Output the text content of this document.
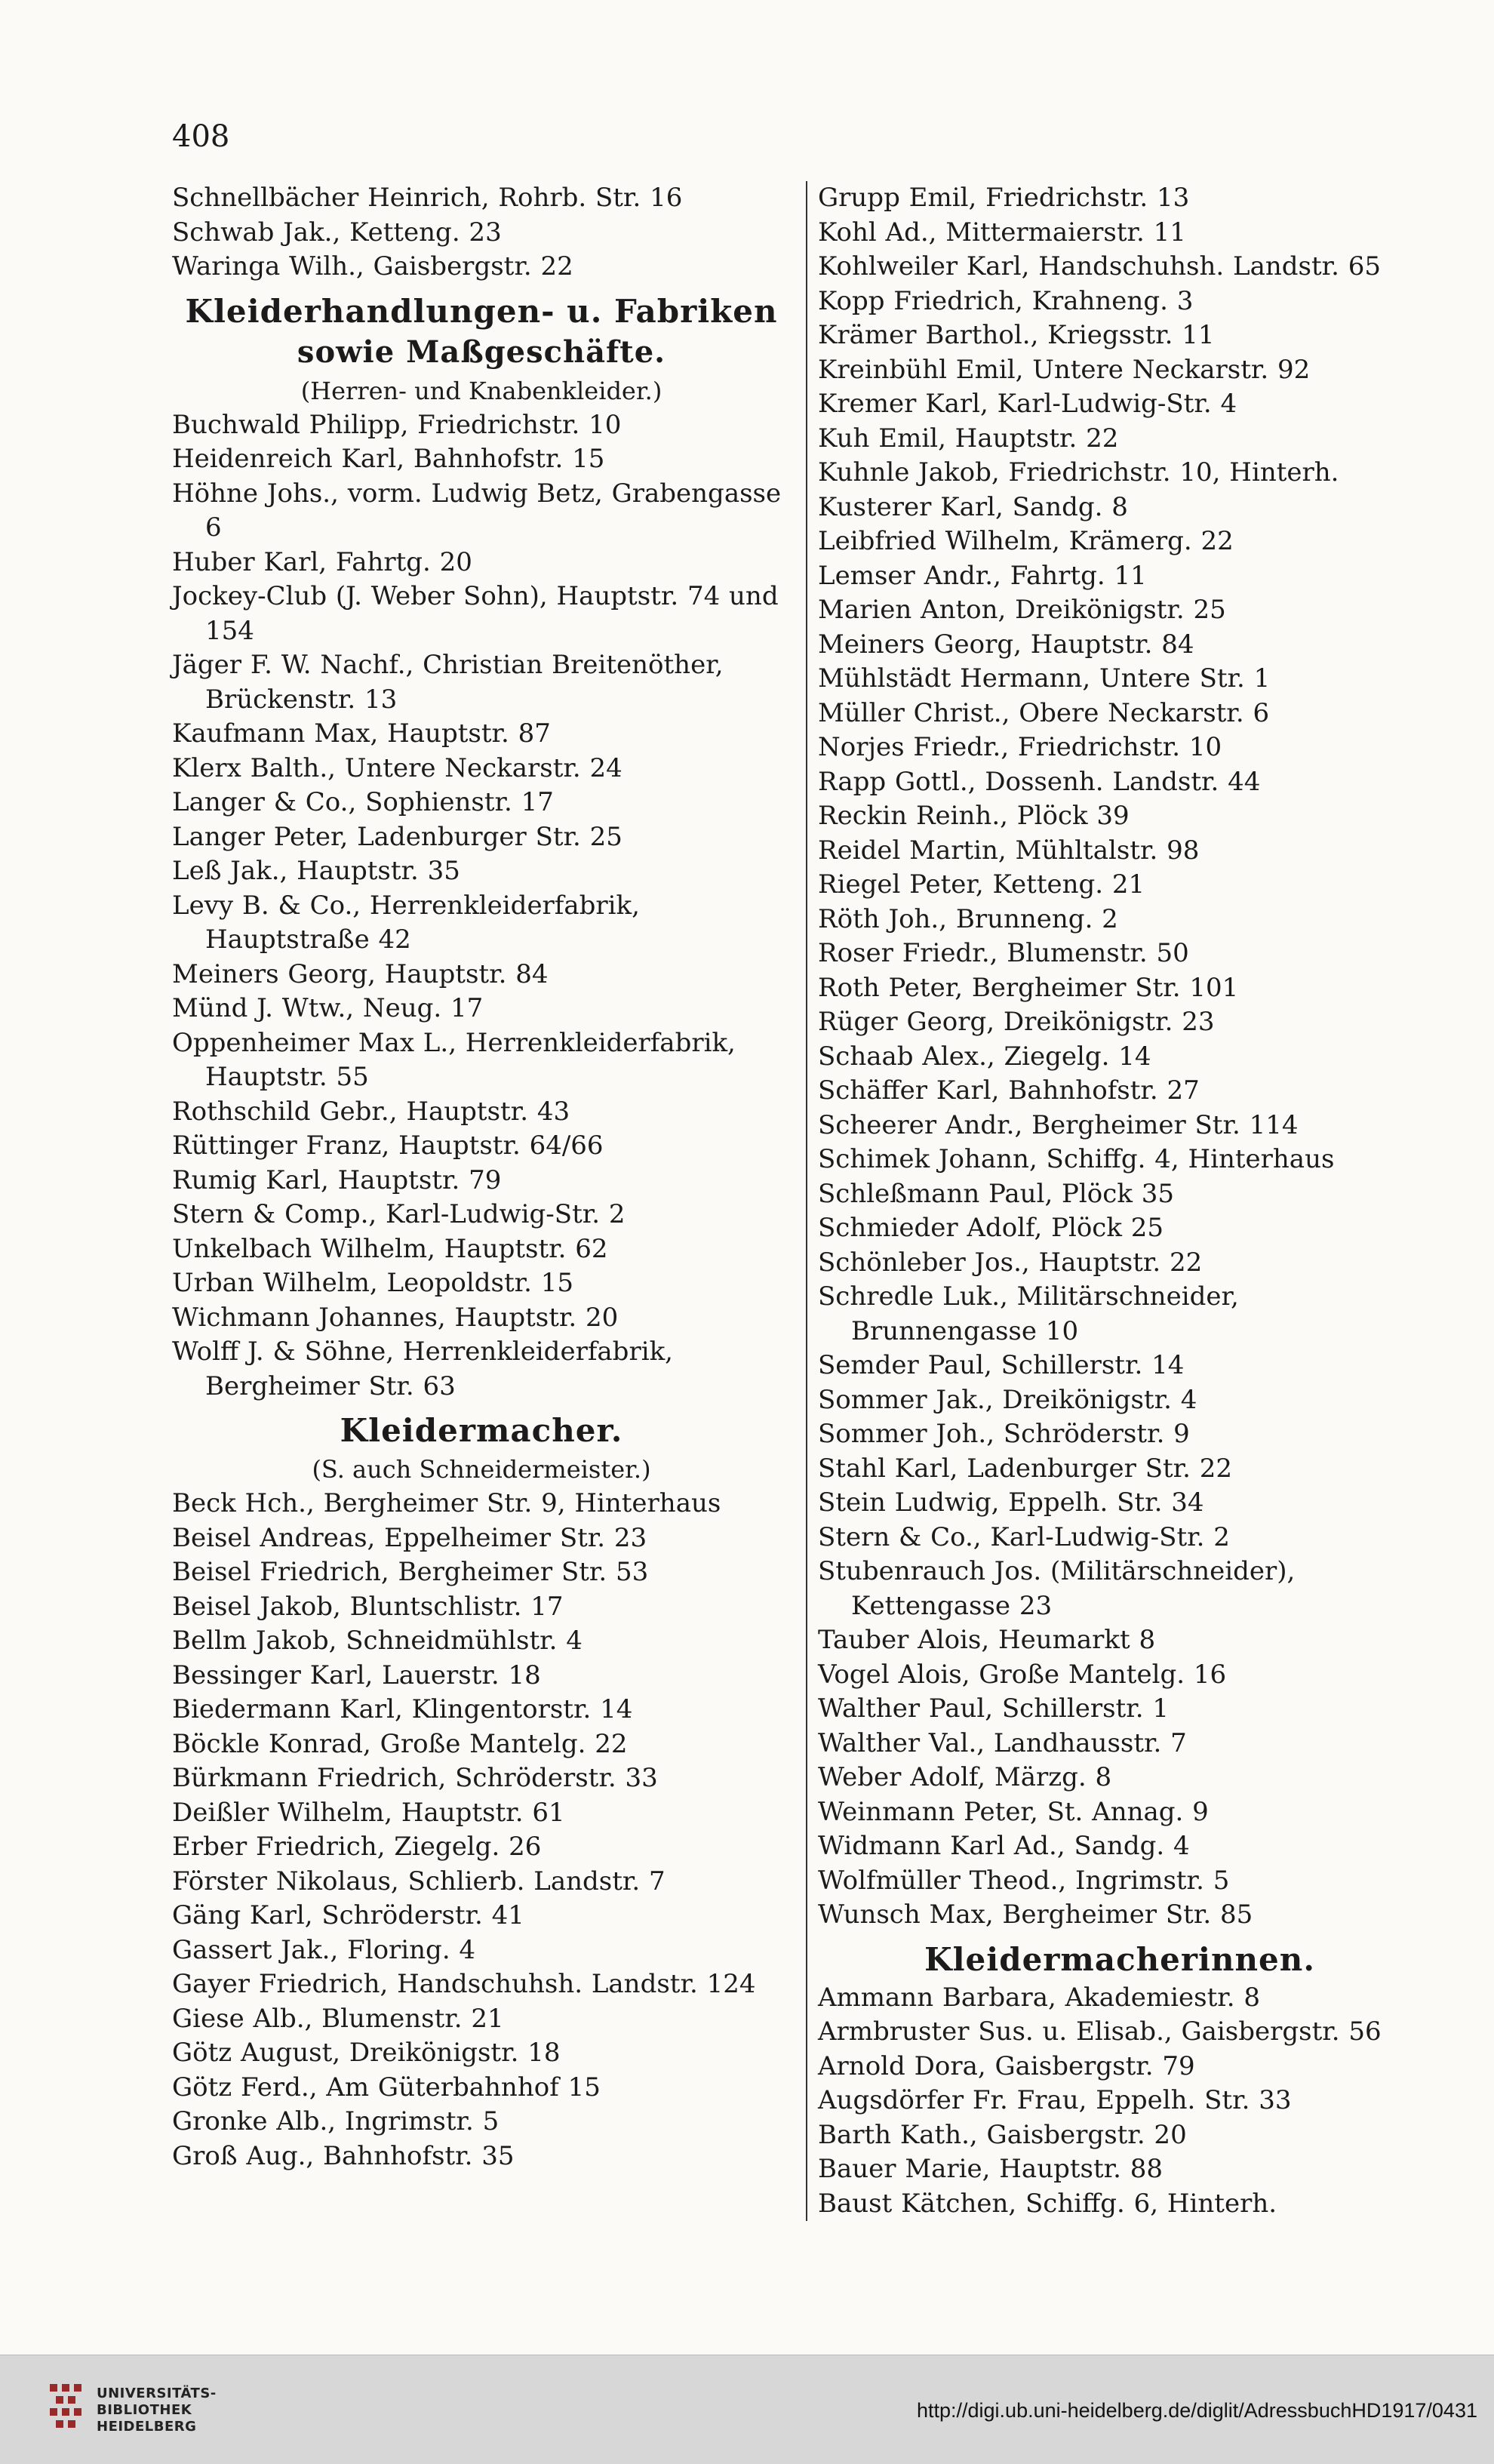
408
Schnellbächer Heinrich, Rohrb. Str. 16
Schwab Jak., Ketteng. 23
Waringa Wilh., Gaisbergstr. 22
Kleiderhandlungen- u. Fabriken
sowie Maßgeschäfte.
(Herren- und Knabenkleider.)
Buchwald Philipp, Friedrichstr. 10
Heidenreich Karl, Bahnhofstr. 15
Höhne Johs., vorm. Ludwig Betz, Grabengasse 6
Huber Karl, Fahrtg. 20
Jockey-Club (J. Weber Sohn), Hauptstr. 74 und 154
Jäger F. W. Nachf., Christian Breitenöther, Brückenstr. 13
Kaufmann Max, Hauptstr. 87
Klerx Balth., Untere Neckarstr. 24
Langer & Co., Sophienstr. 17
Langer Peter, Ladenburger Str. 25
Leß Jak., Hauptstr. 35
Levy B. & Co., Herrenkleiderfabrik, Hauptstraße 42
Meiners Georg, Hauptstr. 84
Münd J. Wtw., Neug. 17
Oppenheimer Max L., Herrenkleiderfabrik, Hauptstr. 55
Rothschild Gebr., Hauptstr. 43
Rüttinger Franz, Hauptstr. 64/66
Rumig Karl, Hauptstr. 79
Stern & Comp., Karl-Ludwig-Str. 2
Unkelbach Wilhelm, Hauptstr. 62
Urban Wilhelm, Leopoldstr. 15
Wichmann Johannes, Hauptstr. 20
Wolff J. & Söhne, Herrenkleiderfabrik, Bergheimer Str. 63
Kleidermacher.
(S. auch Schneidermeister.)
Beck Hch., Bergheimer Str. 9, Hinterhaus
Beisel Andreas, Eppelheimer Str. 23
Beisel Friedrich, Bergheimer Str. 53
Beisel Jakob, Bluntschlistr. 17
Bellm Jakob, Schneidmühlstr. 4
Bessinger Karl, Lauerstr. 18
Biedermann Karl, Klingentorstr. 14
Böckle Konrad, Große Mantelg. 22
Bürkmann Friedrich, Schröderstr. 33
Deißler Wilhelm, Hauptstr. 61
Erber Friedrich, Ziegelg. 26
Förster Nikolaus, Schlierb. Landstr. 7
Gäng Karl, Schröderstr. 41
Gassert Jak., Floring. 4
Gayer Friedrich, Handschuhsh. Landstr. 124
Giese Alb., Blumenstr. 21
Götz August, Dreikönigstr. 18
Götz Ferd., Am Güterbahnhof 15
Gronke Alb., Ingrimstr. 5
Groß Aug., Bahnhofstr. 35
Grupp Emil, Friedrichstr. 13
Kohl Ad., Mittermaierstr. 11
Kohlweiler Karl, Handschuhsh. Landstr. 65
Kopp Friedrich, Krahneng. 3
Krämer Barthol., Kriegsstr. 11
Kreinbühl Emil, Untere Neckarstr. 92
Kremer Karl, Karl-Ludwig-Str. 4
Kuh Emil, Hauptstr. 22
Kuhnle Jakob, Friedrichstr. 10, Hinterh.
Kusterer Karl, Sandg. 8
Leibfried Wilhelm, Krämerg. 22
Lemser Andr., Fahrtg. 11
Marien Anton, Dreikönigstr. 25
Meiners Georg, Hauptstr. 84
Mühlstädt Hermann, Untere Str. 1
Müller Christ., Obere Neckarstr. 6
Norjes Friedr., Friedrichstr. 10
Rapp Gottl., Dossenh. Landstr. 44
Reckin Reinh., Plöck 39
Reidel Martin, Mühltalstr. 98
Riegel Peter, Ketteng. 21
Röth Joh., Brunneng. 2
Roser Friedr., Blumenstr. 50
Roth Peter, Bergheimer Str. 101
Rüger Georg, Dreikönigstr. 23
Schaab Alex., Ziegelg. 14
Schäffer Karl, Bahnhofstr. 27
Scheerer Andr., Bergheimer Str. 114
Schimek Johann, Schiffg. 4, Hinterhaus
Schleßmann Paul, Plöck 35
Schmieder Adolf, Plöck 25
Schönleber Jos., Hauptstr. 22
Schredle Luk., Militärschneider, Brunnengasse 10
Semder Paul, Schillerstr. 14
Sommer Jak., Dreikönigstr. 4
Sommer Joh., Schröderstr. 9
Stahl Karl, Ladenburger Str. 22
Stein Ludwig, Eppelh. Str. 34
Stern & Co., Karl-Ludwig-Str. 2
Stubenrauch Jos. (Militärschneider), Kettengasse 23
Tauber Alois, Heumarkt 8
Vogel Alois, Große Mantelg. 16
Walther Paul, Schillerstr. 1
Walther Val., Landhausstr. 7
Weber Adolf, Märzg. 8
Weinmann Peter, St. Annag. 9
Widmann Karl Ad., Sandg. 4
Wolfmüller Theod., Ingrimstr. 5
Wunsch Max, Bergheimer Str. 85
Kleidermacherinnen.
Ammann Barbara, Akademiestr. 8
Armbruster Sus. u. Elisab., Gaisbergstr. 56
Arnold Dora, Gaisbergstr. 79
Augsdörfer Fr. Frau, Eppelh. Str. 33
Barth Kath., Gaisbergstr. 20
Bauer Marie, Hauptstr. 88
Baust Kätchen, Schiffg. 6, Hinterh.
UNIVERSITÄTS-
BIBLIOTHEK
HEIDELBERG
http://digi.ub.uni-heidelberg.de/diglit/AdressbuchHD1917/0431
